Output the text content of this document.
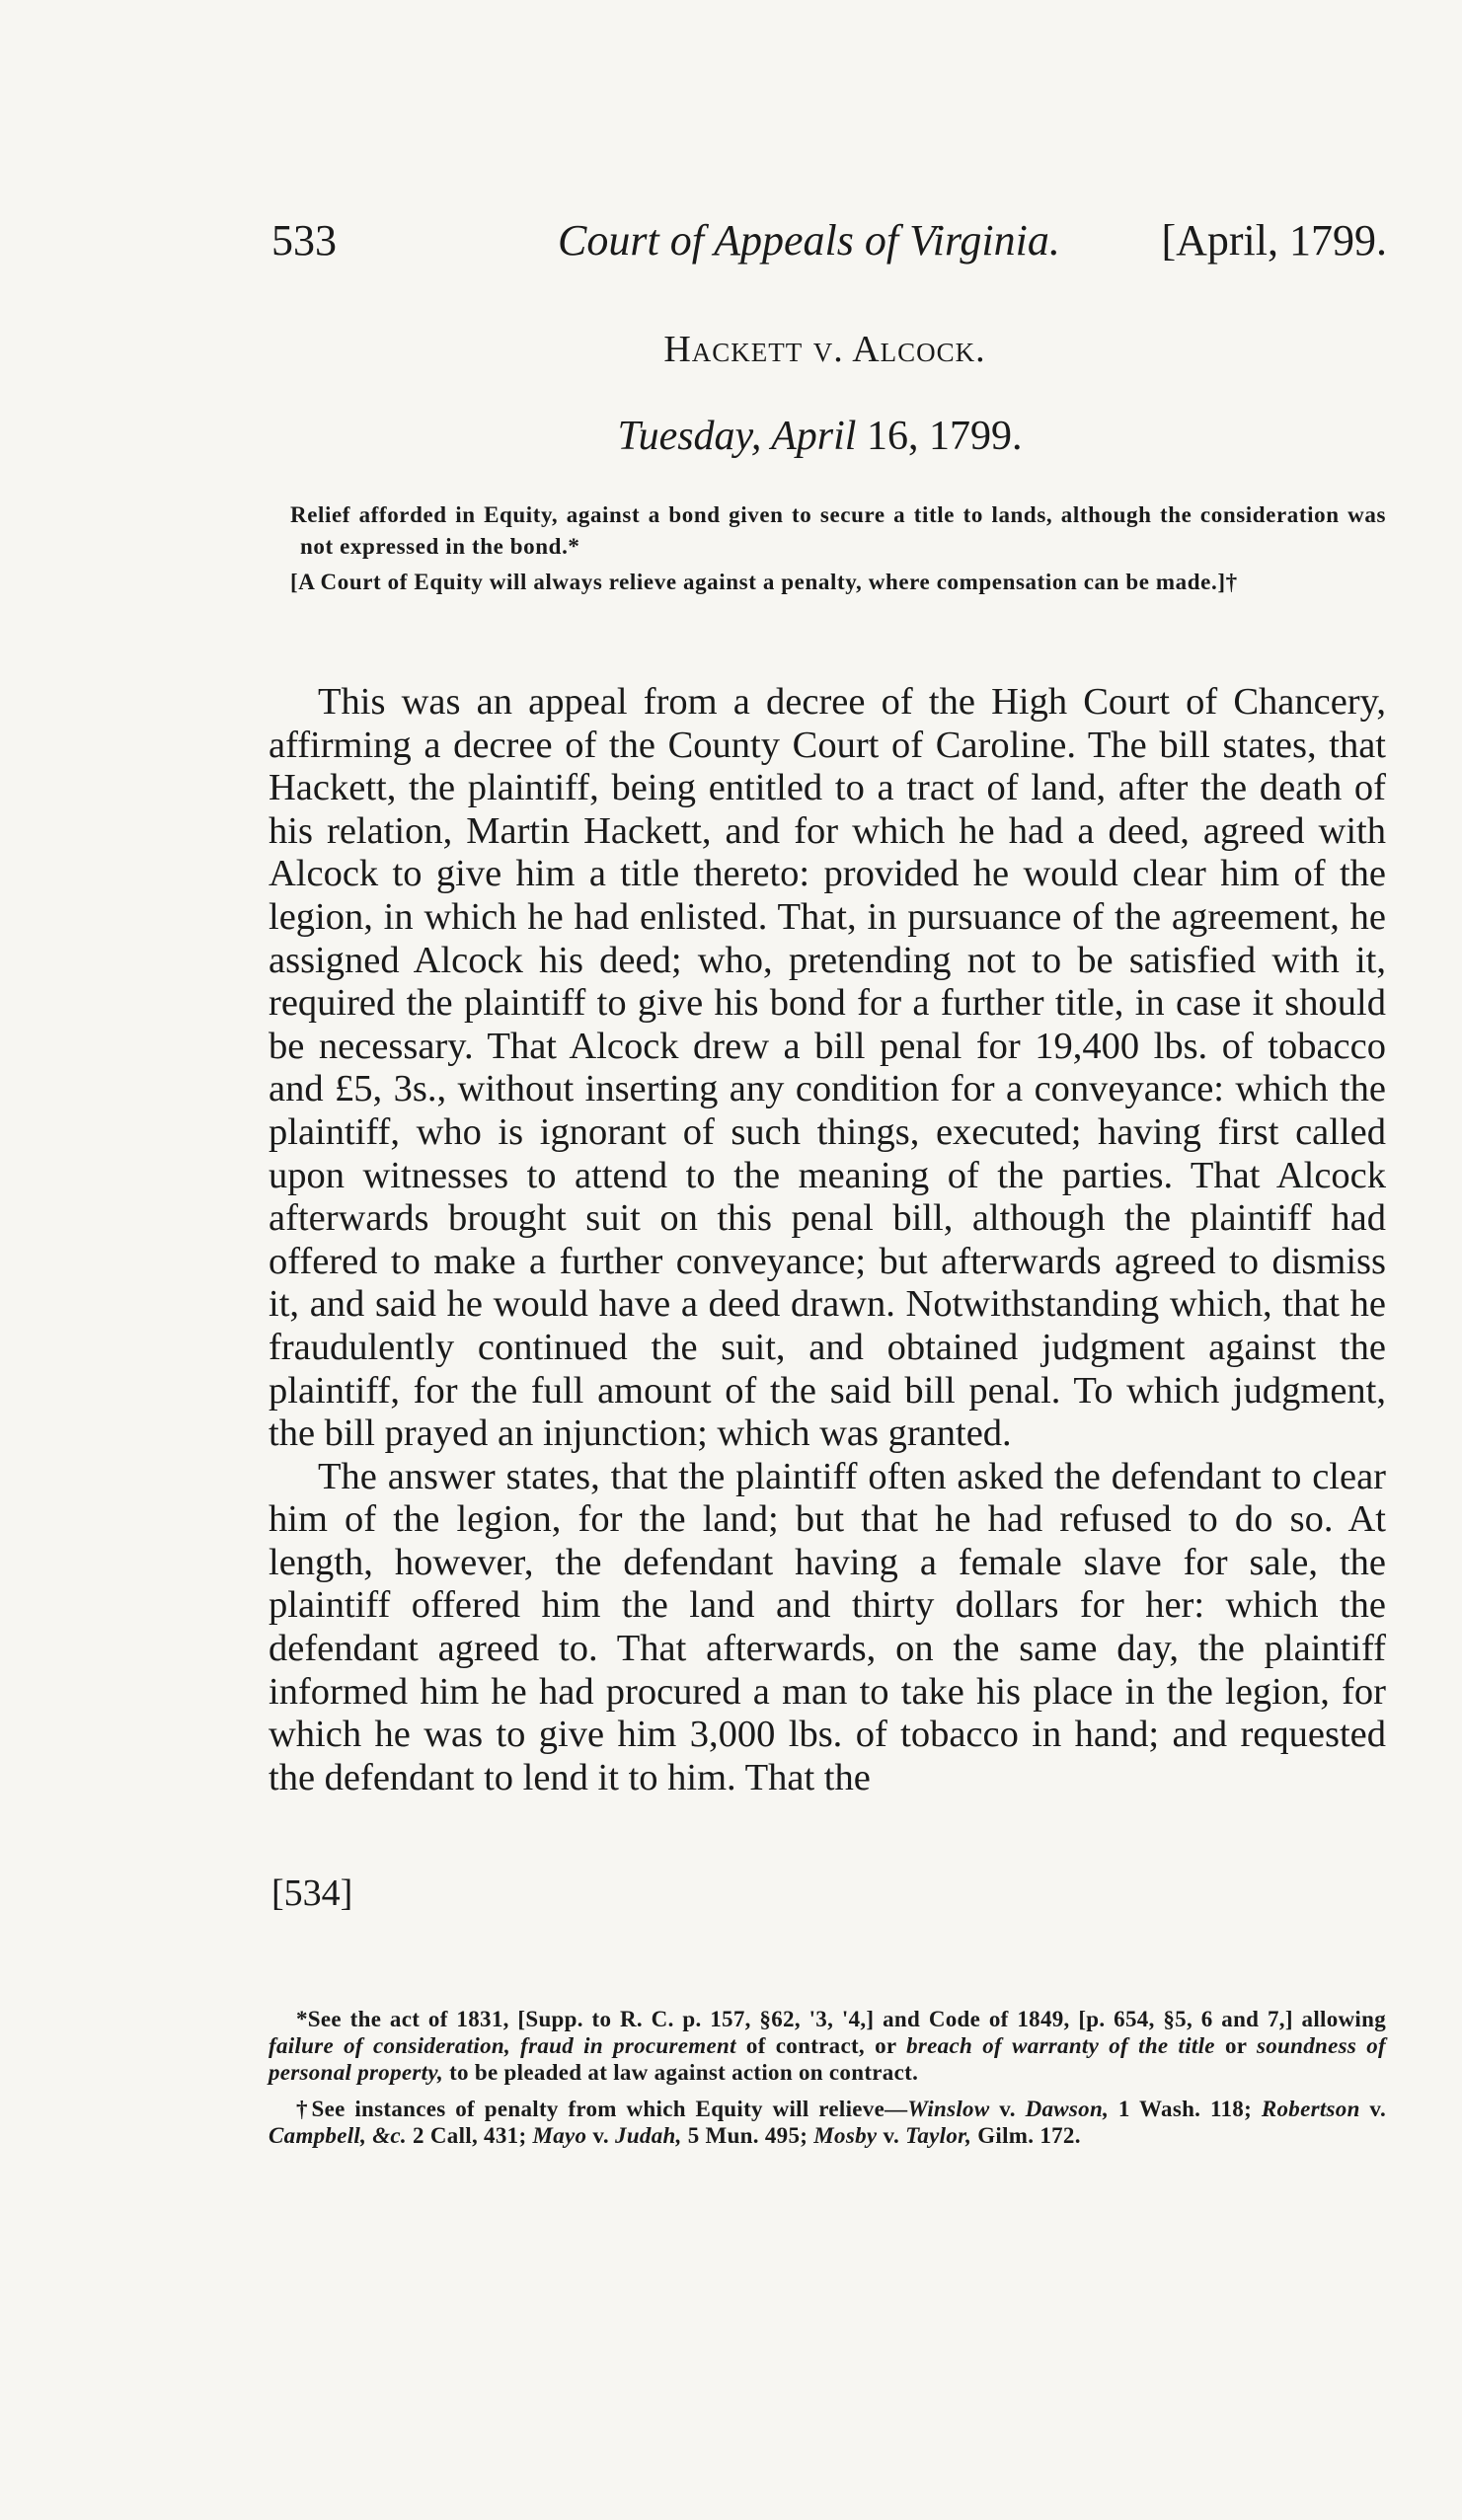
533	Court of Appeals of Virginia. [April, 1799.
Hackett v. Alcock.
Tuesday, April 16, 1799.

Relief afforded in Equity, against a bond given to secure a title to lands, although the consideration was not expressed in the bond.*

[A Court of Equity will always relieve against a penalty, where compensation can be made.]†

This was an appeal from a decree of the High Court of Chancery, affirming a decree of the County Court of Caroline. The bill states, that Hackett, the plaintiff, being entitled to a tract of land, after the death of his relation, Martin Hackett, and for which he had a deed, agreed with Alcock to give him a title thereto: provided he would clear him of the legion, in which he had enlisted. That, in pursuance of the agreement, he assigned Alcock his deed; who, pretending not to be satisfied with it, required the plaintiff to give his bond for a further title, in case it should be necessary. That Alcock drew a bill penal for 19,400 lbs. of tobacco and £5, 3s., without inserting any condition for a conveyance: which the plaintiff, who is ignorant of such things, executed; having first called upon witnesses to attend to the meaning of the parties. That Alcock afterwards brought suit on this penal bill, although the plaintiff had offered to make a further conveyance; but afterwards agreed to dismiss it, and said he would have a deed drawn. Notwithstanding which, that he fraudulently continued the suit, and obtained judgment against the plaintiff, for the full amount of the said bill penal. To which judgment, the bill prayed an injunction; which was granted.

The answer states, that the plaintiff often asked the defendant to clear him of the legion, for the land; but that he had refused to do so. At length, however, the defendant having a female slave for sale, the plaintiff offered him the land and thirty dollars for her: which the defendant agreed to. That afterwards, on the same day, the plaintiff informed him he had procured a man to take his place in the legion, for which he was to give him 3,000 lbs. of tobacco in hand; and requested the defendant to lend it to him. That the

[534]

*See the act of 1831, [Supp. to R. C. p. 157, §62, '3, '4,] and Code of 1849, [p. 654, §5, 6 and 7,] allowing failure of consideration, fraud in procurement of contract, or breach of warranty of the title or soundness of personal property, to be pleaded at law against action on contract.

†See instances of penalty from which Equity will relieve—Winslow v. Dawson, 1 Wash. 118; Robertson v. Campbell, &c. 2 Call, 431; Mayo v. Judah, 5 Mun. 495; Mosby v. Taylor, Gilm. 172.
